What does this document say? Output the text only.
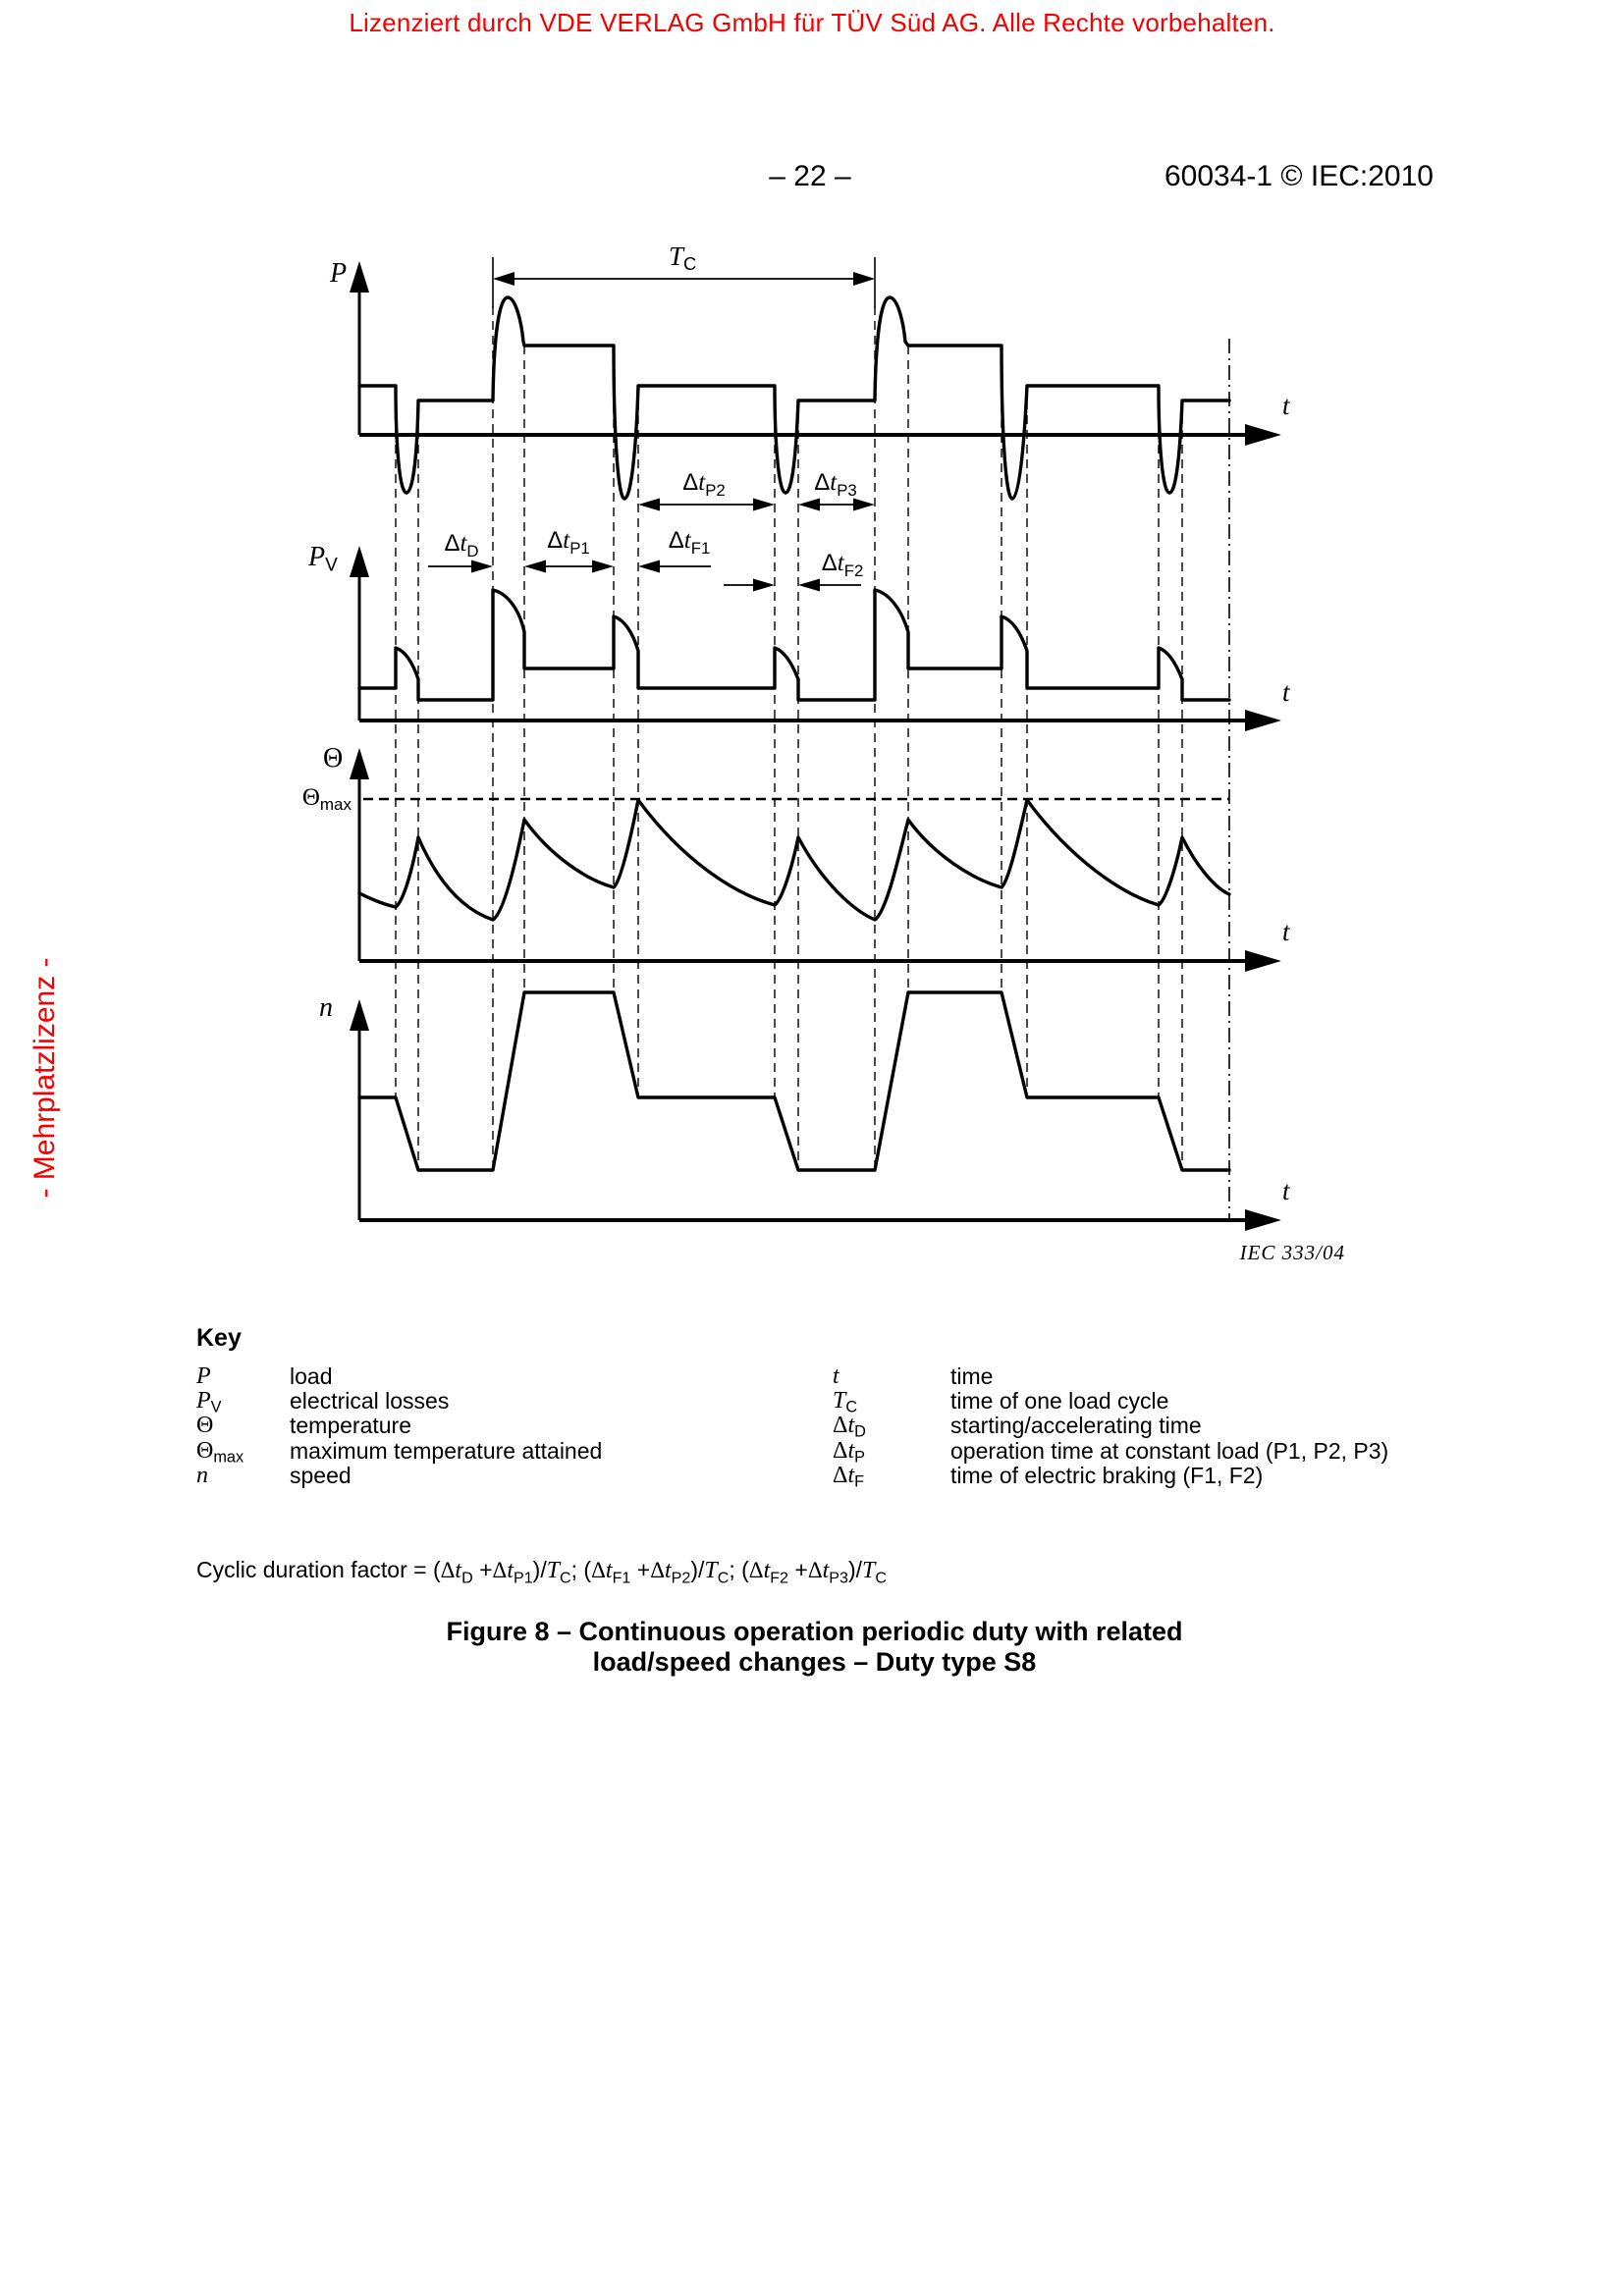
Lizenziert durch VDE VERLAG GmbH für TÜV Süd AG. Alle Rechte vorbehalten.
- Mehrplatzlizenz -
– 22 –	60034-1 © IEC:2010
P
$P_V$
Θ
$\Theta_{max}$
n
t
t
t
t
$T_C$
$\Delta t_D$	$\Delta t_{P1}$	$\Delta t_{F1}$
$\Delta t_{P2}$	$\Delta t_{P3}$
$\Delta t_{F2}$
IEC 333/04
Key
P	load
PV	electrical losses
Θ	temperature
Θmax	maximum temperature attained
n	speed
t	time
TC	time of one load cycle
ΔtD	starting/accelerating time
ΔtP	operation time at constant load (P1, P2, P3)
ΔtF	time of electric braking (F1, F2)
Cyclic duration factor = $(\Delta t_D +\Delta t_{P1})/T_C$; $(\Delta t_{F1} +\Delta t_{P2})/T_C$; $(\Delta t_{F2} +\Delta t_{P3})/T_C$
Figure 8 – Continuous operation periodic duty with related
load/speed changes – Duty type S8
